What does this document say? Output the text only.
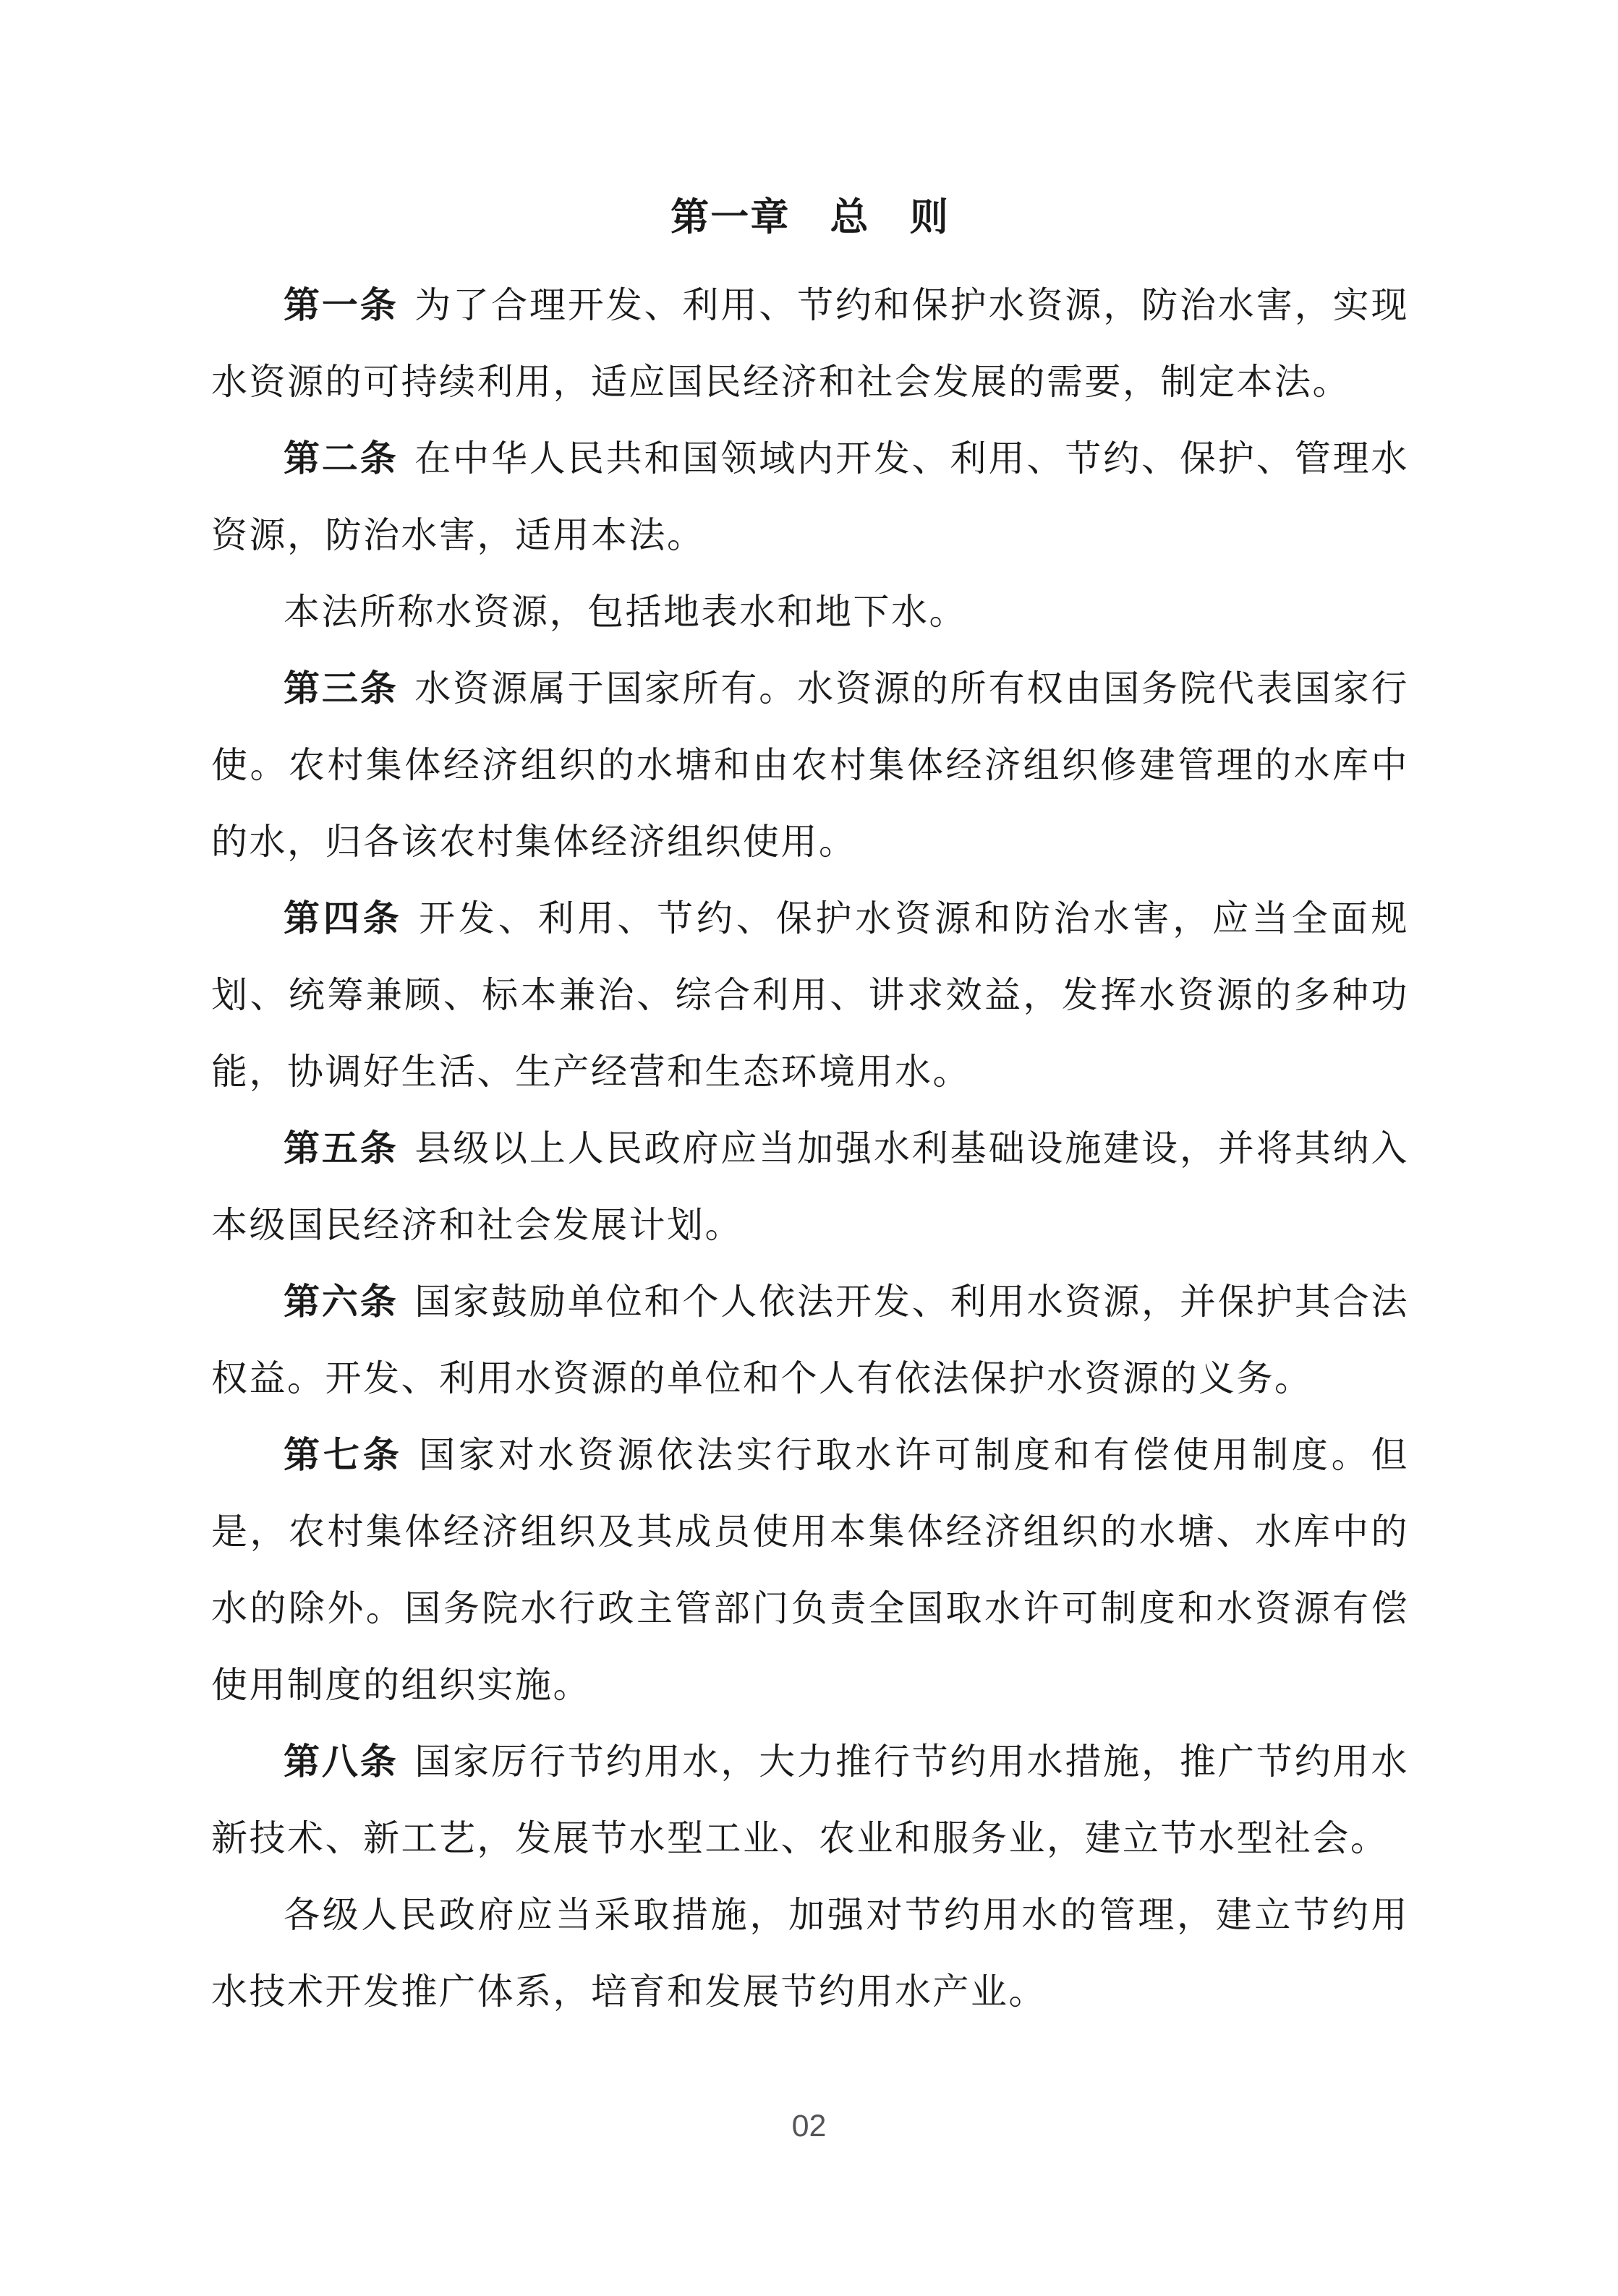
第一章　总　则

第一条 为了合理开发、利用、节约和保护水资源，防治水害，实现水资源的可持续利用，适应国民经济和社会发展的需要，制定本法。

第二条 在中华人民共和国领域内开发、利用、节约、保护、管理水资源，防治水害，适用本法。

本法所称水资源，包括地表水和地下水。

第三条 水资源属于国家所有。水资源的所有权由国务院代表国家行使。农村集体经济组织的水塘和由农村集体经济组织修建管理的水库中的水，归各该农村集体经济组织使用。

第四条 开发、利用、节约、保护水资源和防治水害，应当全面规划、统筹兼顾、标本兼治、综合利用、讲求效益，发挥水资源的多种功能，协调好生活、生产经营和生态环境用水。

第五条 县级以上人民政府应当加强水利基础设施建设，并将其纳入本级国民经济和社会发展计划。

第六条 国家鼓励单位和个人依法开发、利用水资源，并保护其合法权益。开发、利用水资源的单位和个人有依法保护水资源的义务。

第七条 国家对水资源依法实行取水许可制度和有偿使用制度。但是，农村集体经济组织及其成员使用本集体经济组织的水塘、水库中的水的除外。国务院水行政主管部门负责全国取水许可制度和水资源有偿使用制度的组织实施。

第八条 国家厉行节约用水，大力推行节约用水措施，推广节约用水新技术、新工艺，发展节水型工业、农业和服务业，建立节水型社会。

各级人民政府应当采取措施，加强对节约用水的管理，建立节约用水技术开发推广体系，培育和发展节约用水产业。

02
